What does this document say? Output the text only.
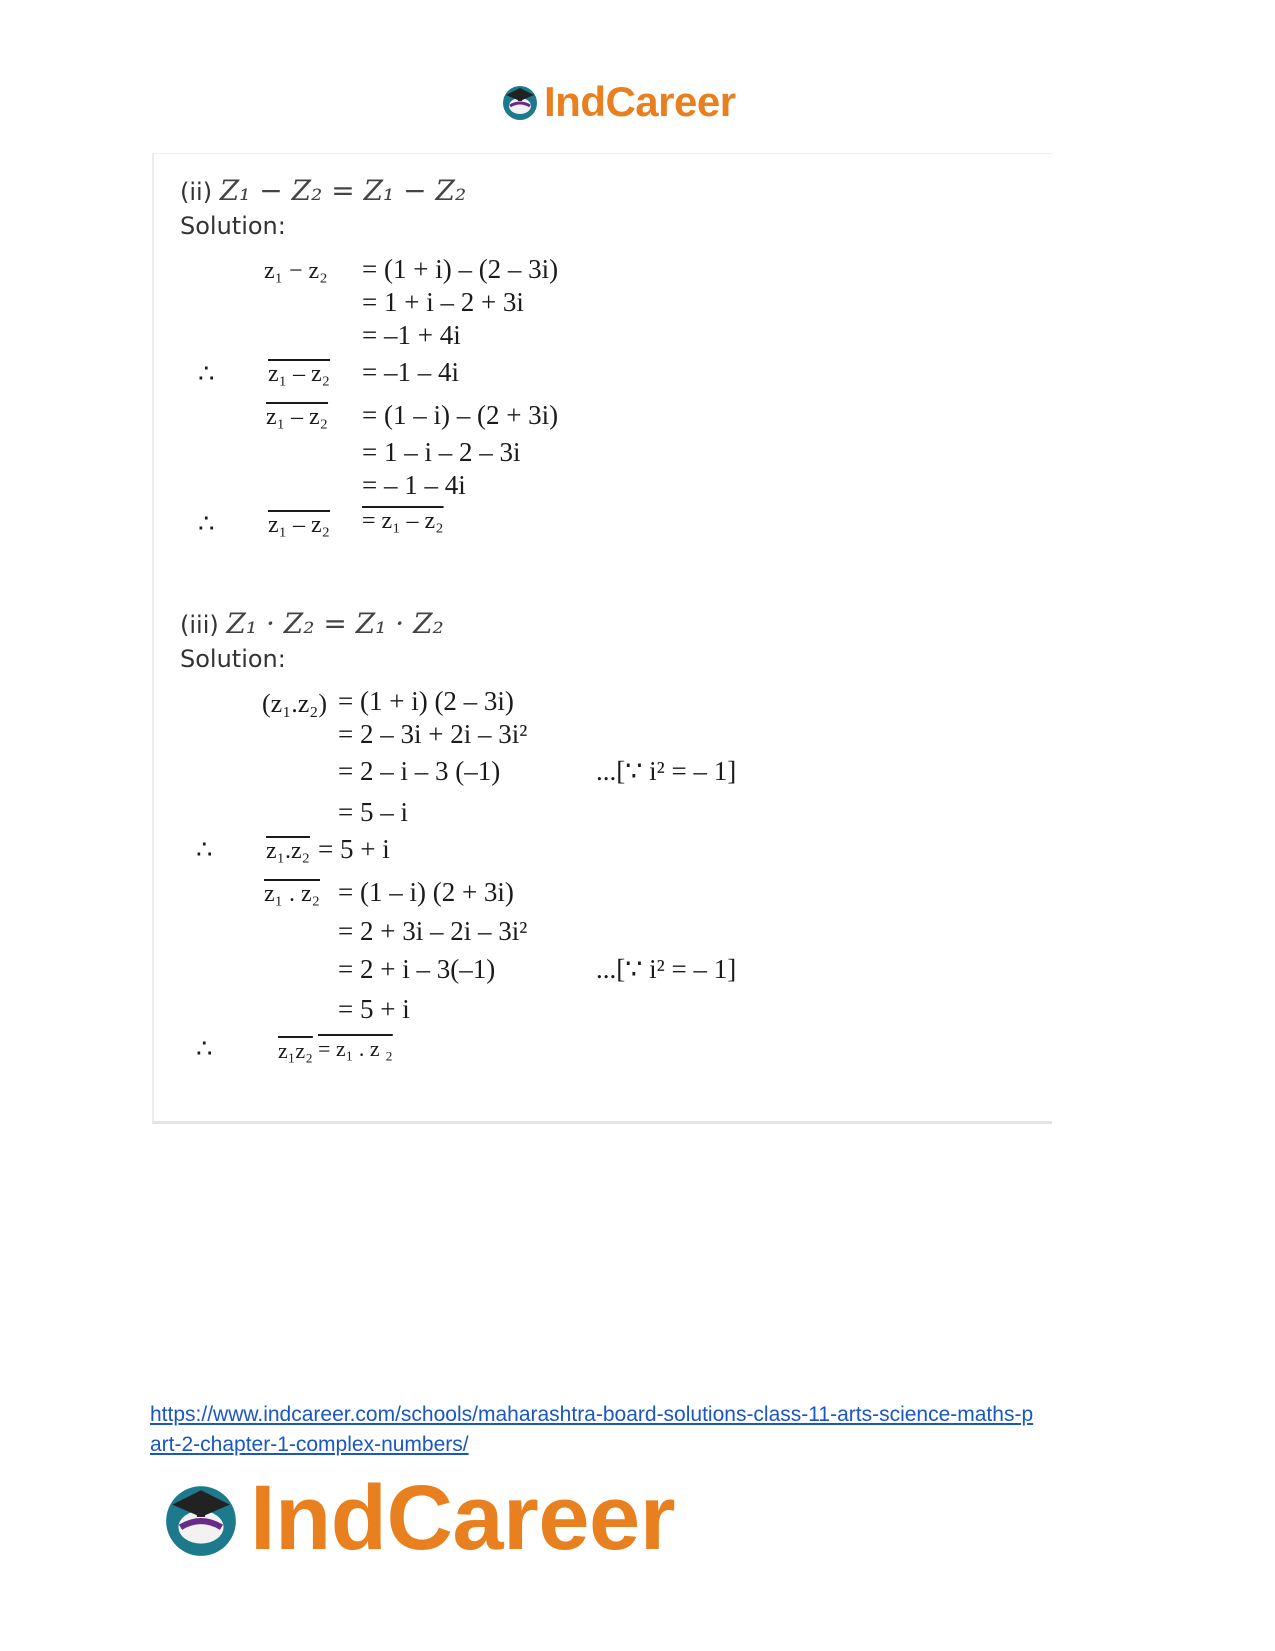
IndCareer
(ii) Z₁ − Z₂ = Z₁ − Z₂
Solution:
z₁ − z₂ = (1 + i) – (2 – 3i)
= 1 + i – 2 + 3i
= –1 + 4i
∴ z₁ – z₂ = –1 – 4i
z₁ – z₂ = (1 – i) – (2 + 3i)
= 1 – i – 2 – 3i
= – 1 – 4i
∴ z₁ – z₂ = z₁ – z₂
(iii) Z₁ · Z₂ = Z₁ · Z₂
Solution:
(z₁.z₂) = (1 + i) (2 – 3i)
= 2 – 3i + 2i – 3i²
= 2 – i – 3 (–1)	...[∵ i² = – 1]
= 5 – i
∴ z₁.z₂ = 5 + i
z₁ . z₂ = (1 – i) (2 + 3i)
= 2 + 3i – 2i – 3i²
= 2 + i – 3(–1)	...[∵ i² = – 1]
= 5 + i
∴	z₁z₂ = z₁ . z ₂
https://www.indcareer.com/schools/maharashtra-board-solutions-class-11-arts-science-maths-p
art-2-chapter-1-complex-numbers/
IndCareer
